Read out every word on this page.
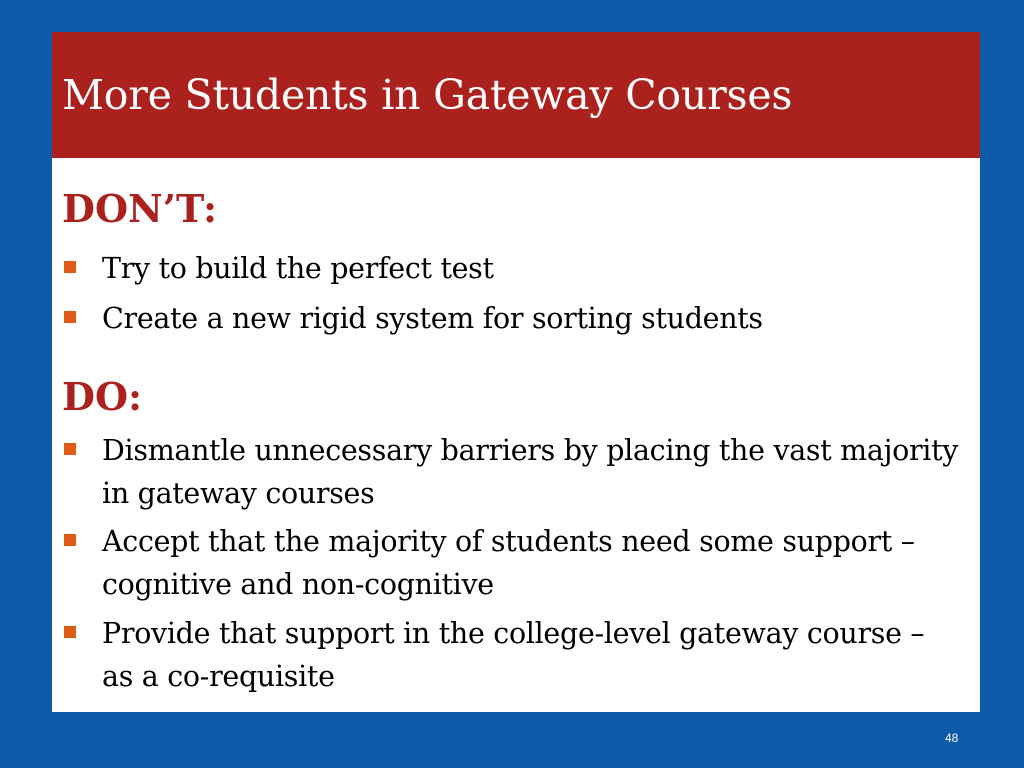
More Students in Gateway Courses
DON’T:
Try to build the perfect test
Create a new rigid system for sorting students
DO:
Dismantle unnecessary barriers by placing the vast majority in gateway courses
Accept that the majority of students need some support – cognitive and non-cognitive
Provide that support in the college-level gateway course – as a co-requisite
48
